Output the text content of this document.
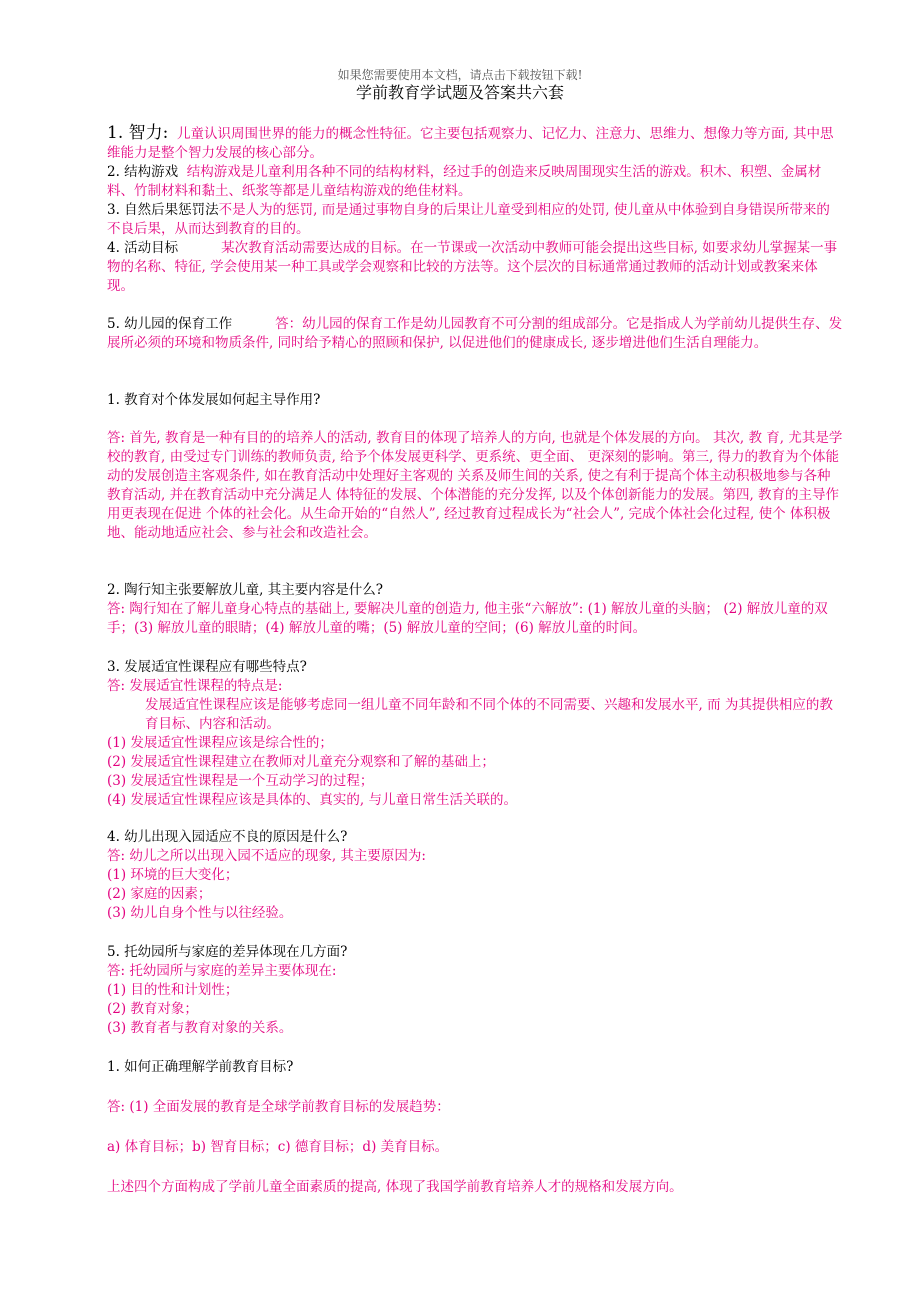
如果您需要使用本文档，请点击下载按钮下载!
学前教育学试题及答案共六套

1. 智力: 儿童认识周围世界的能力的概念性特征。它主要包括观察力、记忆力、注意力、思维力、想像力等方面, 其中思维能力是整个智力发展的核心部分。

2. 结构游戏 结构游戏是儿童利用各种不同的结构材料，经过手的创造来反映周围现实生活的游戏。积木、积塑、金属材料、竹制材料和黏土、纸浆等都是儿童结构游戏的绝佳材料。

3. 自然后果惩罚法不是人为的惩罚, 而是通过事物自身的后果让儿童受到相应的处罚, 使儿童从中体验到自身错误所带来的不良后果，从而达到教育的目的。

4. 活动目标	某次教育活动需要达成的目标。在一节课或一次活动中教师可能会提出这些目标, 如要求幼儿掌握某一事物的名称、特征, 学会使用某一种工具或学会观察和比较的方法等。这个层次的目标通常通过教师的活动计划或教案来体现。

5. 幼儿园的保育工作	答：幼儿园的保育工作是幼儿园教育不可分割的组成部分。它是指成人为学前幼儿提供生存、发展所必须的环境和物质条件, 同时给予精心的照顾和保护, 以促进他们的健康成长, 逐步增进他们生活自理能力。

1. 教育对个体发展如何起主导作用?

答: 首先, 教育是一种有目的的培养人的活动, 教育目的体现了培养人的方向, 也就是个体发展的方向。 其次, 教 育, 尤其是学校的教育, 由受过专门训练的教师负责, 给予个体发展更科学、更系统、更全面、 更深刻的影响。第三, 得力的教育为个体能动的发展创造主客观条件, 如在教育活动中处理好主客观的 关系及师生间的关系, 使之有利于提高个体主动积极地参与各种教育活动, 并在教育活动中充分满足人 体特征的发展、个体潜能的充分发挥, 以及个体创新能力的发展。第四, 教育的主导作用更表现在促进 个体的社会化。从生命开始的“自然人”, 经过教育过程成长为“社会人”, 完成个体社会化过程, 使个 体积极地、能动地适应社会、参与社会和改造社会。

2. 陶行知主张要解放儿童, 其主要内容是什么?

答: 陶行知在了解儿童身心特点的基础上, 要解决儿童的创造力, 他主张“六解放”: (1) 解放儿童的头脑； (2) 解放儿童的双手；(3) 解放儿童的眼睛；(4) 解放儿童的嘴；(5) 解放儿童的空间；(6) 解放儿童的时间。

3. 发展适宜性课程应有哪些特点?

答: 发展适宜性课程的特点是:

发展适宜性课程应该是能够考虑同一组儿童不同年龄和不同个体的不同需要、兴趣和发展水平, 而 为其提供相应的教育目标、内容和活动。

(1) 发展适宜性课程应该是综合性的；

(2) 发展适宜性课程建立在教师对儿童充分观察和了解的基础上；

(3) 发展适宜性课程是一个互动学习的过程；

(4) 发展适宜性课程应该是具体的、真实的, 与儿童日常生活关联的。

4. 幼儿出现入园适应不良的原因是什么?

答: 幼儿之所以出现入园不适应的现象, 其主要原因为:

(1) 环境的巨大变化；

(2) 家庭的因素；

(3) 幼儿自身个性与以往经验。

5. 托幼园所与家庭的差异体现在几方面?

答: 托幼园所与家庭的差异主要体现在:

(1) 目的性和计划性；

(2) 教育对象；

(3) 教育者与教育对象的关系。

1. 如何正确理解学前教育目标?

答: (1) 全面发展的教育是全球学前教育目标的发展趋势：

a) 体育目标；b) 智育目标；c) 德育目标；d) 美育目标。

上述四个方面构成了学前儿童全面素质的提高, 体现了我国学前教育培养人才的规格和发展方向。
